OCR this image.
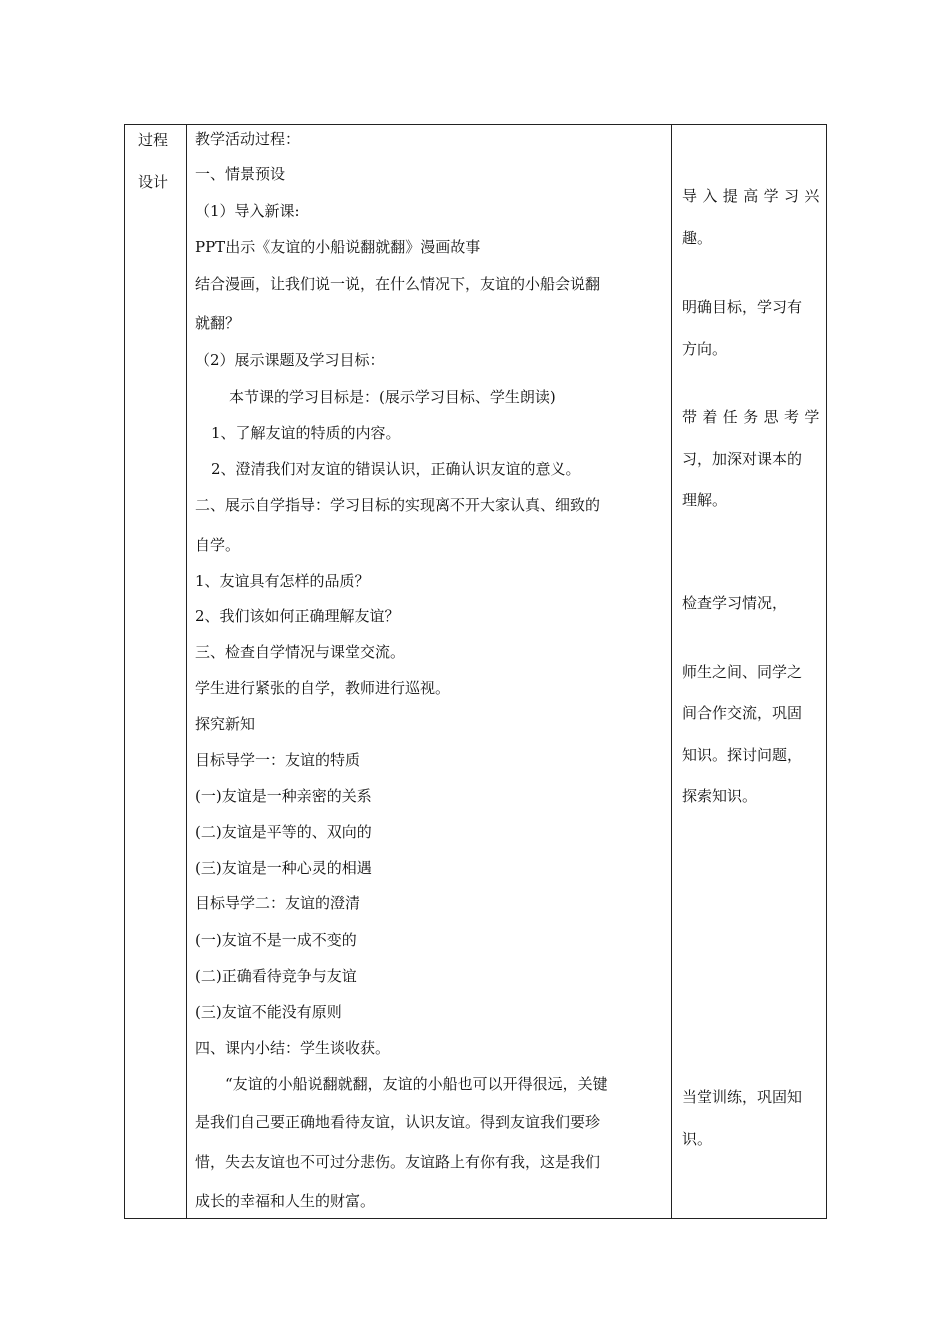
过程
设计
教学活动过程：
一、情景预设
（1）导入新课:
PPT出示《友谊的小船说翻就翻》漫画故事
结合漫画，让我们说一说，在什么情况下，友谊的小船会说翻
就翻？
（2）展示课题及学习目标：
本节课的学习目标是：(展示学习目标、学生朗读)
1、了解友谊的特质的内容。
2、澄清我们对友谊的错误认识，正确认识友谊的意义。
二、展示自学指导：学习目标的实现离不开大家认真、细致的
自学。
1、友谊具有怎样的品质？
2、我们该如何正确理解友谊？
三、检查自学情况与课堂交流。
学生进行紧张的自学，教师进行巡视。
探究新知
目标导学一：友谊的特质
(一)友谊是一种亲密的关系
(二)友谊是平等的、双向的
(三)友谊是一种心灵的相遇
目标导学二：友谊的澄清
(一)友谊不是一成不变的
(二)正确看待竞争与友谊
(三)友谊不能没有原则
四、课内小结：学生谈收获。
“友谊的小船说翻就翻，友谊的小船也可以开得很远，关键
是我们自己要正确地看待友谊，认识友谊。得到友谊我们要珍
惜，失去友谊也不可过分悲伤。友谊路上有你有我，这是我们
成长的幸福和人生的财富。
导入提高学习兴
趣。
明确目标，学习有
方向。
带着任务思考学
习，加深对课本的
理解。
检查学习情况，
师生之间、同学之
间合作交流，巩固
知识。探讨问题，
探索知识。
当堂训练，巩固知
识。
